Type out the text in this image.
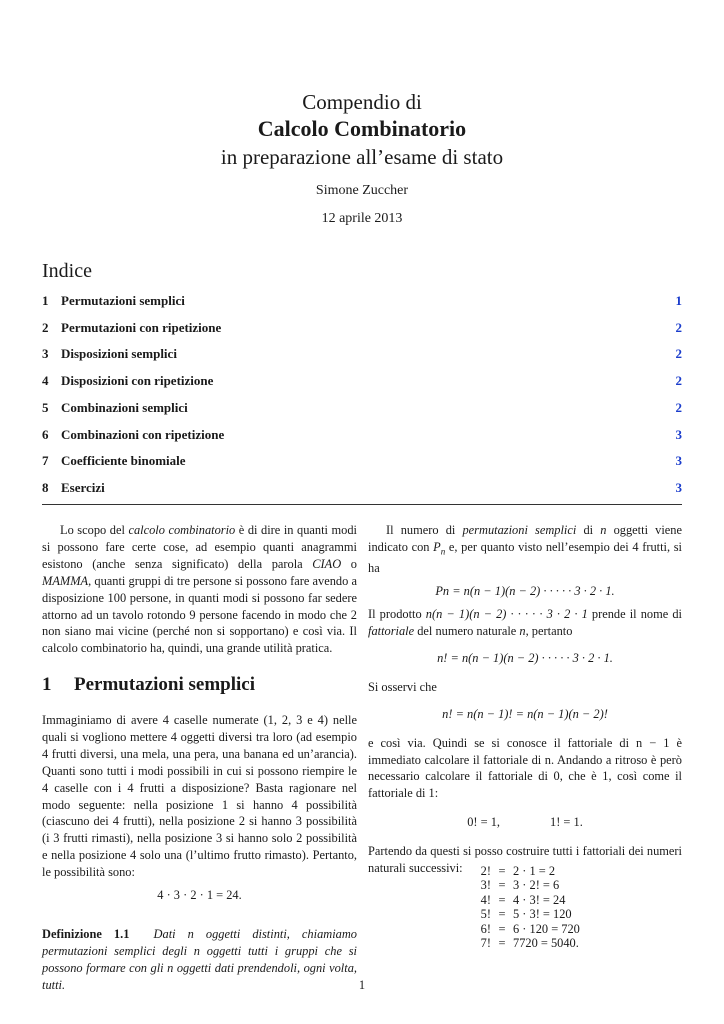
Compendio di
Calcolo Combinatorio
in preparazione all’esame di stato
Simone Zuccher
12 aprile 2013
Indice
1 Permutazioni semplici	1
2 Permutazioni con ripetizione	2
3 Disposizioni semplici	2
4 Disposizioni con ripetizione	2
5 Combinazioni semplici	2
6 Combinazioni con ripetizione	3
7 Coefficiente binomiale	3
8 Esercizi	3

Lo scopo del calcolo combinatorio è di dire in quanti modi si possono fare certe cose, ad esempio quanti anagrammi esistono (anche senza significato) della parola CIAO o MAMMA, quanti gruppi di tre persone si possono fare avendo a disposizione 100 persone, in quanti modi si possono far sedere attorno ad un tavolo rotondo 9 persone facendo in modo che 2 non siano mai vicine (perché non si sopportano) e così via. Il calcolo combinatorio ha, quindi, una grande utilità pratica.

1 Permutazioni semplici

Immaginiamo di avere 4 caselle numerate (1, 2, 3 e 4) nelle quali si vogliono mettere 4 oggetti diversi tra loro (ad esempio 4 frutti diversi, una mela, una pera, una banana ed un’arancia). Quanti sono tutti i modi possibili in cui si possono riempire le 4 caselle con i 4 frutti a disposizione? Basta ragionare nel modo seguente: nella posizione 1 si hanno 4 possibilità (ciascuno dei 4 frutti), nella posizione 2 si hanno 3 possibilità (i 3 frutti rimasti), nella posizione 3 si hanno solo 2 possibilità e nella posizione 4 solo una (l’ultimo frutto rimasto). Pertanto, le possibilità sono:

4 · 3 · 2 · 1 = 24.

Definizione 1.1 Dati n oggetti distinti, chiamiamo permutazioni semplici degli n oggetti tutti i gruppi che si possono formare con gli n oggetti dati prendendoli, ogni volta, tutti.

Il numero di permutazioni semplici di n oggetti viene indicato con $P_n$ e, per quanto visto nell’esempio dei 4 frutti, si ha

Pn = n(n − 1)(n − 2) · · · · · 3 · 2 · 1.

Il prodotto n(n − 1)(n − 2) · · · · · 3 · 2 · 1 prende il nome di fattoriale del numero naturale n, pertanto

n! = n(n − 1)(n − 2) · · · · · 3 · 2 · 1.

Si osservi che

n! = n(n − 1)! = n(n − 1)(n − 2)!

e così via. Quindi se si conosce il fattoriale di n − 1 è immediato calcolare il fattoriale di n. Andando a ritroso è però necessario calcolare il fattoriale di 0, che è 1, così come il fattoriale di 1:

0! = 1,	1! = 1.

Partendo da questi si posso costruire tutti i fattoriali dei numeri naturali successivi:	2!	=	2 · 1 = 2
3!	=	3 · 2! = 6
4!	=	4 · 3! = 24
5!	=	5 · 3! = 120
6!	=	6 · 120 = 720
7!	=	7720 = 5040.
1
